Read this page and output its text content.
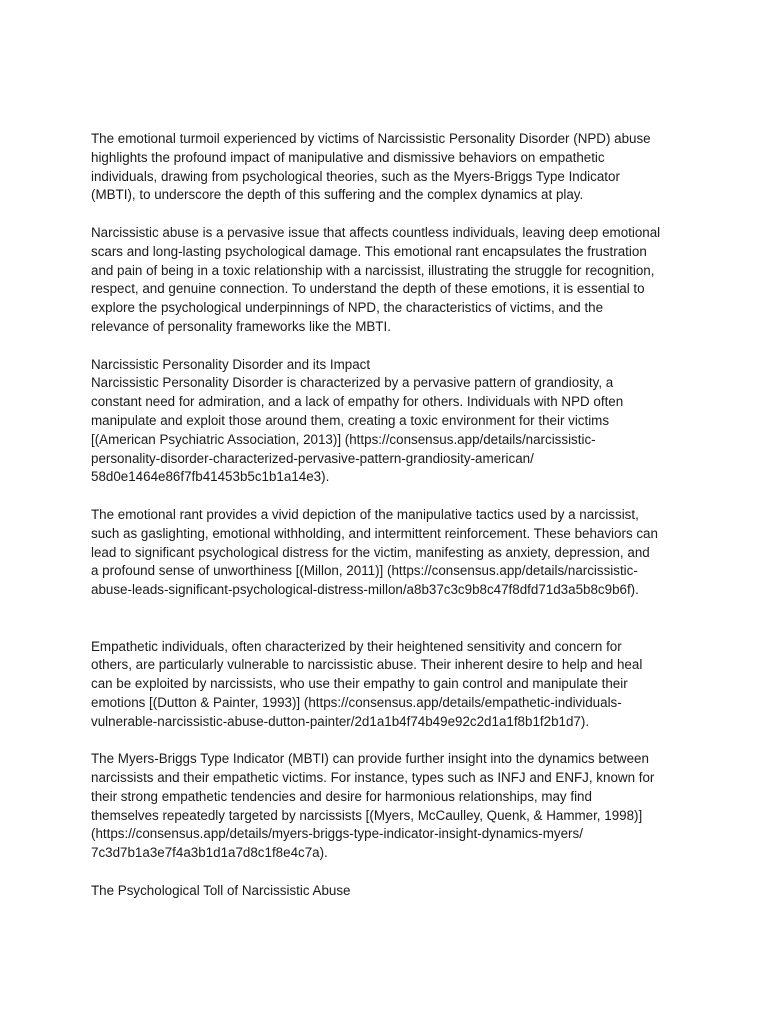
The emotional turmoil experienced by victims of Narcissistic Personality Disorder (NPD) abuse
highlights the profound impact of manipulative and dismissive behaviors on empathetic
individuals, drawing from psychological theories, such as the Myers-Briggs Type Indicator
(MBTI), to underscore the depth of this suffering and the complex dynamics at play.

Narcissistic abuse is a pervasive issue that affects countless individuals, leaving deep emotional
scars and long-lasting psychological damage. This emotional rant encapsulates the frustration
and pain of being in a toxic relationship with a narcissist, illustrating the struggle for recognition,
respect, and genuine connection. To understand the depth of these emotions, it is essential to
explore the psychological underpinnings of NPD, the characteristics of victims, and the
relevance of personality frameworks like the MBTI.

Narcissistic Personality Disorder and its Impact
Narcissistic Personality Disorder is characterized by a pervasive pattern of grandiosity, a
constant need for admiration, and a lack of empathy for others. Individuals with NPD often
manipulate and exploit those around them, creating a toxic environment for their victims
[(American Psychiatric Association, 2013)] (https://consensus.app/details/narcissistic-
personality-disorder-characterized-pervasive-pattern-grandiosity-american/
58d0e1464e86f7fb41453b5c1b1a14e3).

The emotional rant provides a vivid depiction of the manipulative tactics used by a narcissist,
such as gaslighting, emotional withholding, and intermittent reinforcement. These behaviors can
lead to significant psychological distress for the victim, manifesting as anxiety, depression, and
a profound sense of unworthiness [(Millon, 2011)] (https://consensus.app/details/narcissistic-
abuse-leads-significant-psychological-distress-millon/a8b37c3c9b8c47f8dfd71d3a5b8c9b6f).

Empathetic individuals, often characterized by their heightened sensitivity and concern for
others, are particularly vulnerable to narcissistic abuse. Their inherent desire to help and heal
can be exploited by narcissists, who use their empathy to gain control and manipulate their
emotions [(Dutton & Painter, 1993)] (https://consensus.app/details/empathetic-individuals-
vulnerable-narcissistic-abuse-dutton-painter/2d1a1b4f74b49e92c2d1a1f8b1f2b1d7).

The Myers-Briggs Type Indicator (MBTI) can provide further insight into the dynamics between
narcissists and their empathetic victims. For instance, types such as INFJ and ENFJ, known for
their strong empathetic tendencies and desire for harmonious relationships, may find
themselves repeatedly targeted by narcissists [(Myers, McCaulley, Quenk, & Hammer, 1998)]
(https://consensus.app/details/myers-briggs-type-indicator-insight-dynamics-myers/
7c3d7b1a3e7f4a3b1d1a7d8c1f8e4c7a).

The Psychological Toll of Narcissistic Abuse
